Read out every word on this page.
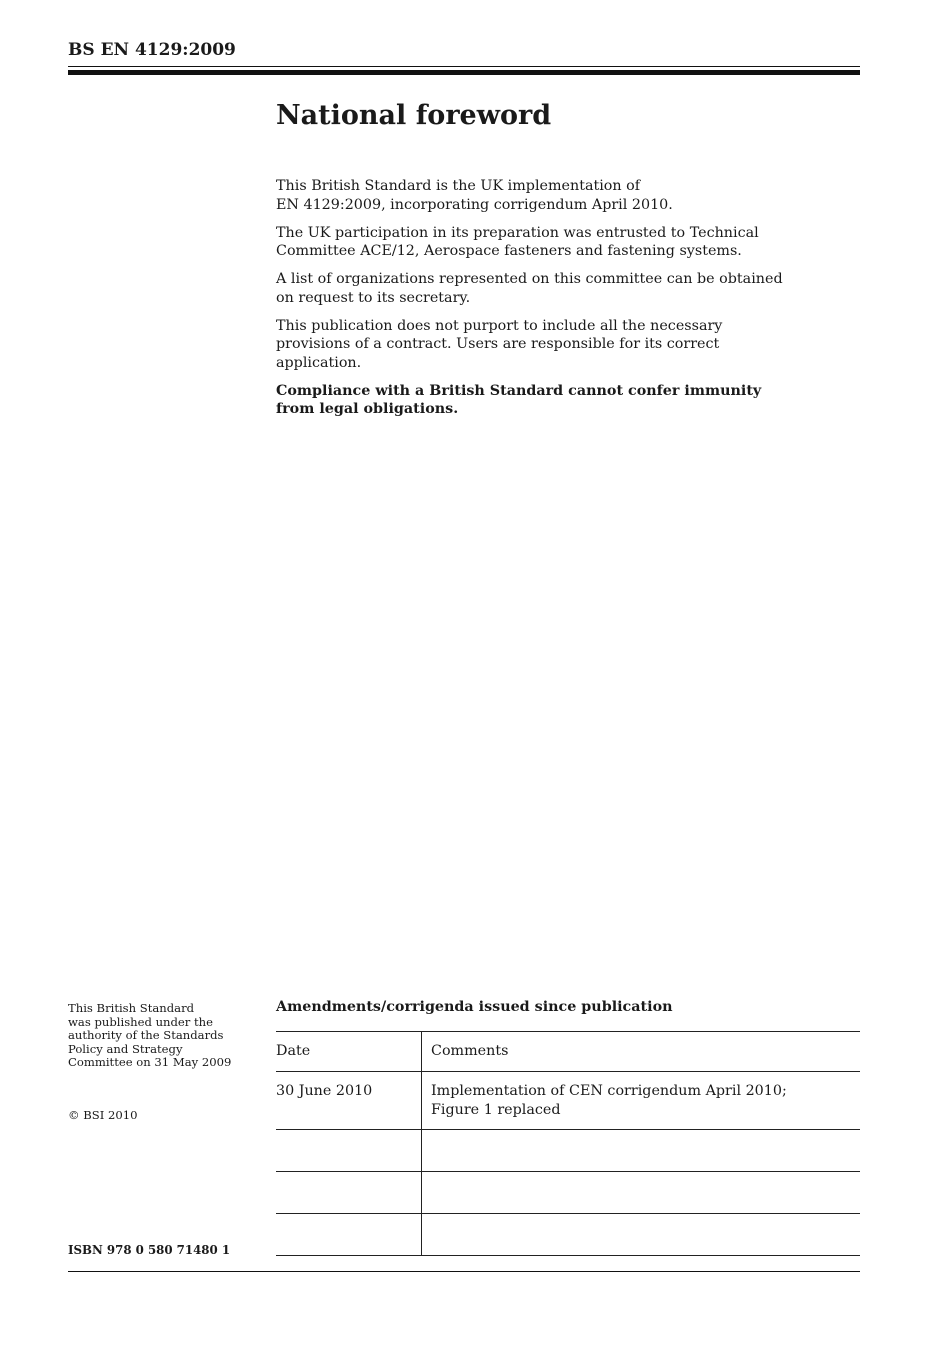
BS EN 4129:2009
National foreword

This British Standard is the UK implementation of
EN 4129:2009, incorporating corrigendum April 2010.

The UK participation in its preparation was entrusted to Technical
Committee ACE/12, Aerospace fasteners and fastening systems.

A list of organizations represented on this committee can be obtained
on request to its secretary.

This publication does not purport to include all the necessary
provisions of a contract. Users are responsible for its correct
application.

Compliance with a British Standard cannot confer immunity
from legal obligations.

This British Standard
was published under the
authority of the Standards
Policy and Strategy
Committee on 31 May 2009

© BSI 2010

ISBN 978 0 580 71480 1

Amendments/corrigenda issued since publication

Date	Comments
30 June 2010	Implementation of CEN corrigendum April 2010;
Figure 1 replaced
